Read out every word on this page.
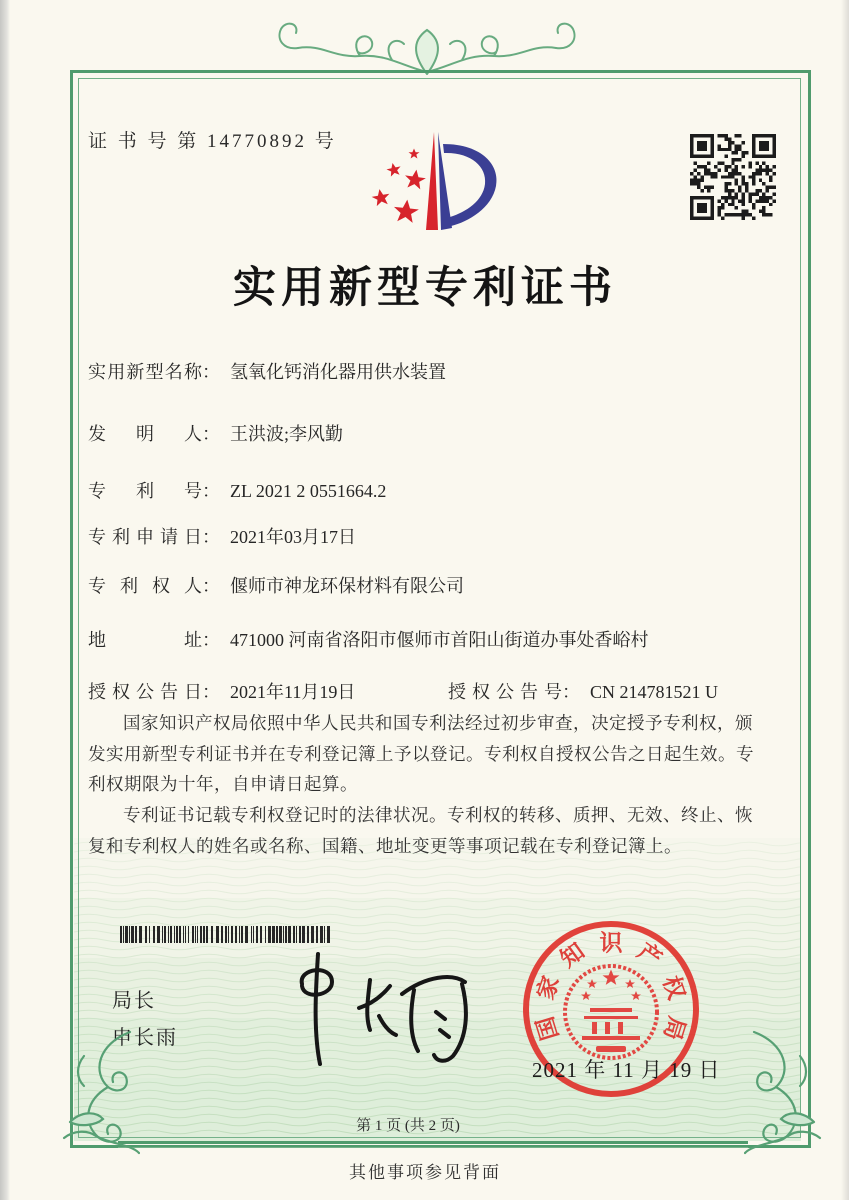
证 书 号 第 14770892 号
实用新型专利证书
实 用 新 型 名 称 ： 氢氧化钙消化器用供水装置
发 明 人 ： 王洪波;李风勤
专 利 号 ： ZL 2021 2 0551664.2
专 利 申 请 日 ： 2021年03月17日
专 利 权 人 ： 偃师市神龙环保材料有限公司
地	址 ： 471000 河南省洛阳市偃师市首阳山街道办事处香峪村
授 权 公 告 日 ： 2021年11月19日	授 权 公 告 号 ： CN 214781521 U

国家知识产权局依照中华人民共和国专利法经过初步审查，决定授予专利权，颁发实用新型专利证书并在专利登记簿上予以登记。专利权自授权公告之日起生效。专利权期限为十年，自申请日起算。

专利证书记载专利权登记时的法律状况。专利权的转移、质押、无效、终止、恢复和专利权人的姓名或名称、国籍、地址变更等事项记载在专利登记簿上。

局长
申长雨	国
家
知 识 产
权
局
2021 年 11 月 19 日
第 1 页 (共 2 页)
其他事项参见背面
